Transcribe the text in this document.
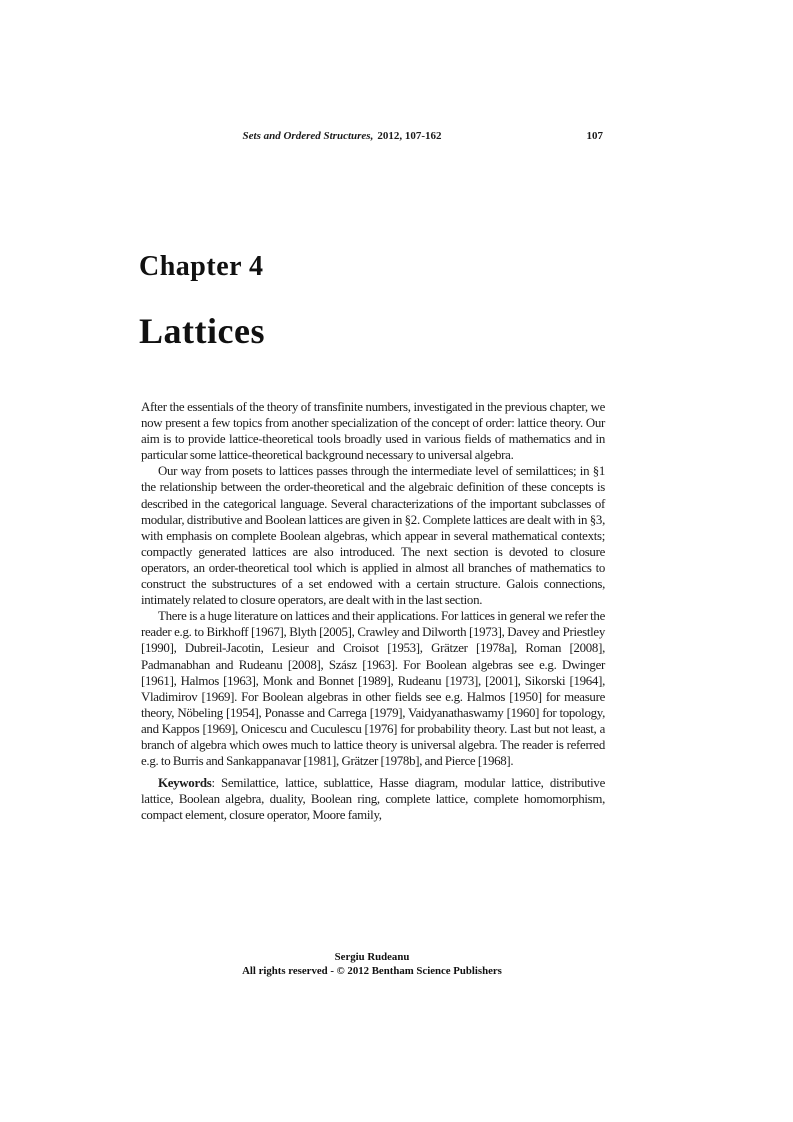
Sets and Ordered Structures, 2012, 107-162	107
Chapter 4
Lattices

After the essentials of the theory of transfinite numbers, investigated in the previous chapter, we now present a few topics from another specialization of the concept of order: lattice theory. Our aim is to provide lattice-theoretical tools broadly used in various fields of mathematics and in particular some lattice-theoretical background necessary to universal algebra.

Our way from posets to lattices passes through the intermediate level of semilattices; in §1 the relationship between the order-theoretical and the algebraic definition of these concepts is described in the categorical language. Several characterizations of the important subclasses of modular, distributive and Boolean lattices are given in §2. Complete lattices are dealt with in §3, with emphasis on complete Boolean algebras, which appear in several mathematical contexts; compactly generated lattices are also introduced. The next section is devoted to closure operators, an order-theoretical tool which is applied in almost all branches of mathematics to construct the substructures of a set endowed with a certain structure. Galois connections, intimately related to closure operators, are dealt with in the last section.

There is a huge literature on lattices and their applications. For lattices in general we refer the reader e.g. to Birkhoff [1967], Blyth [2005], Crawley and Dilworth [1973], Davey and Priestley [1990], Dubreil-Jacotin, Lesieur and Croisot [1953], Grätzer [1978a], Roman [2008], Padmanabhan and Rudeanu [2008], Szász [1963]. For Boolean algebras see e.g. Dwinger [1961], Halmos [1963], Monk and Bonnet [1989], Rudeanu [1973], [2001], Sikorski [1964], Vladimirov [1969]. For Boolean algebras in other fields see e.g. Halmos [1950] for measure theory, Nöbeling [1954], Ponasse and Carrega [1979], Vaidyanathaswamy [1960] for topology, and Kappos [1969], Onicescu and Cuculescu [1976] for probability theory. Last but not least, a branch of algebra which owes much to lattice theory is universal algebra. The reader is referred e.g. to Burris and Sankappanavar [1981], Grätzer [1978b], and Pierce [1968].

Keywords: Semilattice, lattice, sublattice, Hasse diagram, modular lattice, distributive lattice, Boolean algebra, duality, Boolean ring, complete lattice, complete homomorphism, compact element, closure operator, Moore family,

Sergiu Rudeanu
All rights reserved - © 2012 Bentham Science Publishers
